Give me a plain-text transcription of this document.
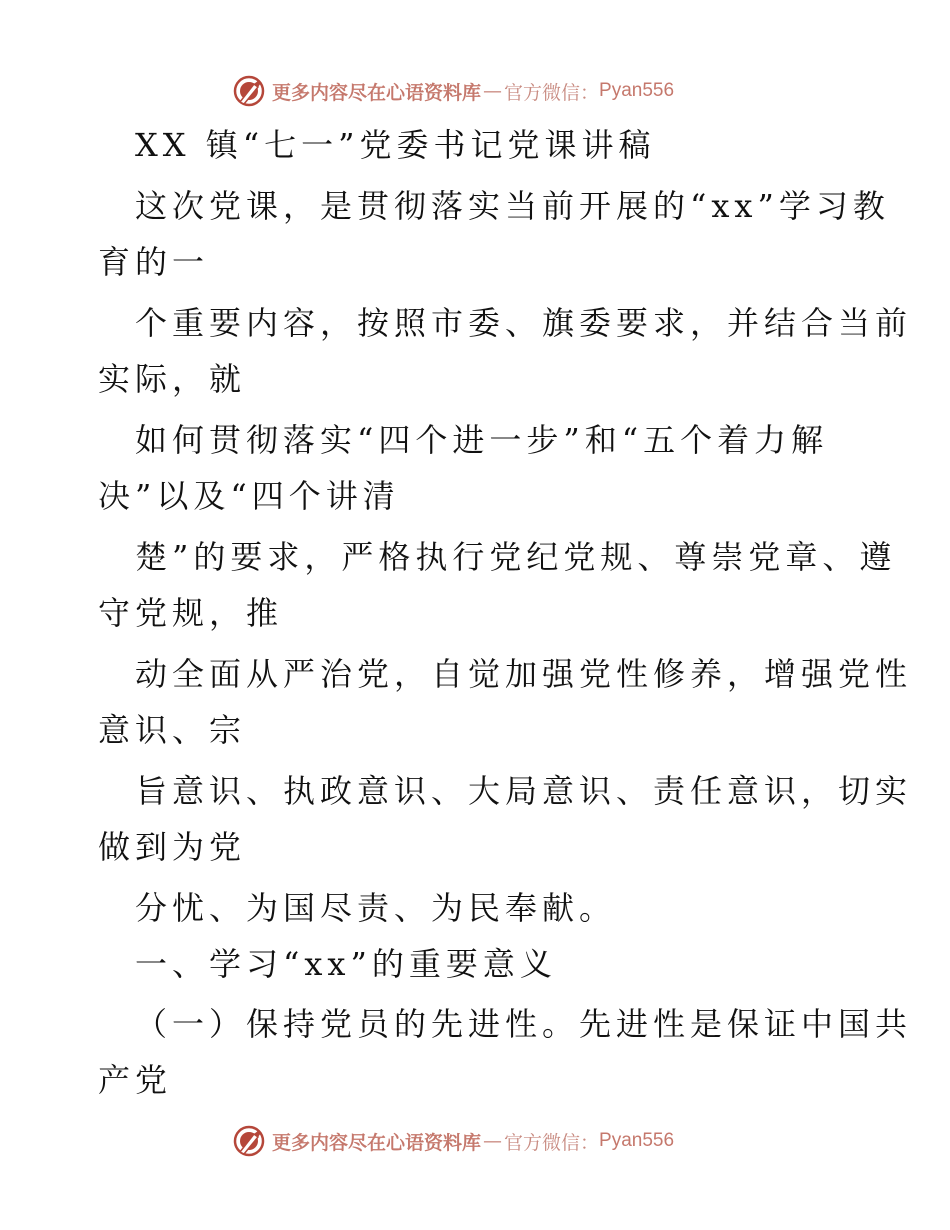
更多内容尽在心语资料库 — 官方微信： Pyan556
XX 镇“七一”党委书记党课讲稿
这次党课，是贯彻落实当前开展的“xx”学习教
育的一
个重要内容，按照市委、旗委要求，并结合当前
实际，就
如何贯彻落实“四个进一步”和“五个着力解
决”以及“四个讲清
楚”的要求，严格执行党纪党规、尊崇党章、遵
守党规，推
动全面从严治党，自觉加强党性修养，增强党性
意识、宗
旨意识、执政意识、大局意识、责任意识，切实
做到为党
分忧、为国尽责、为民奉献。
一、学习“xx”的重要意义
（一）保持党员的先进性。先进性是保证中国共
产党
更多内容尽在心语资料库 — 官方微信： Pyan556
